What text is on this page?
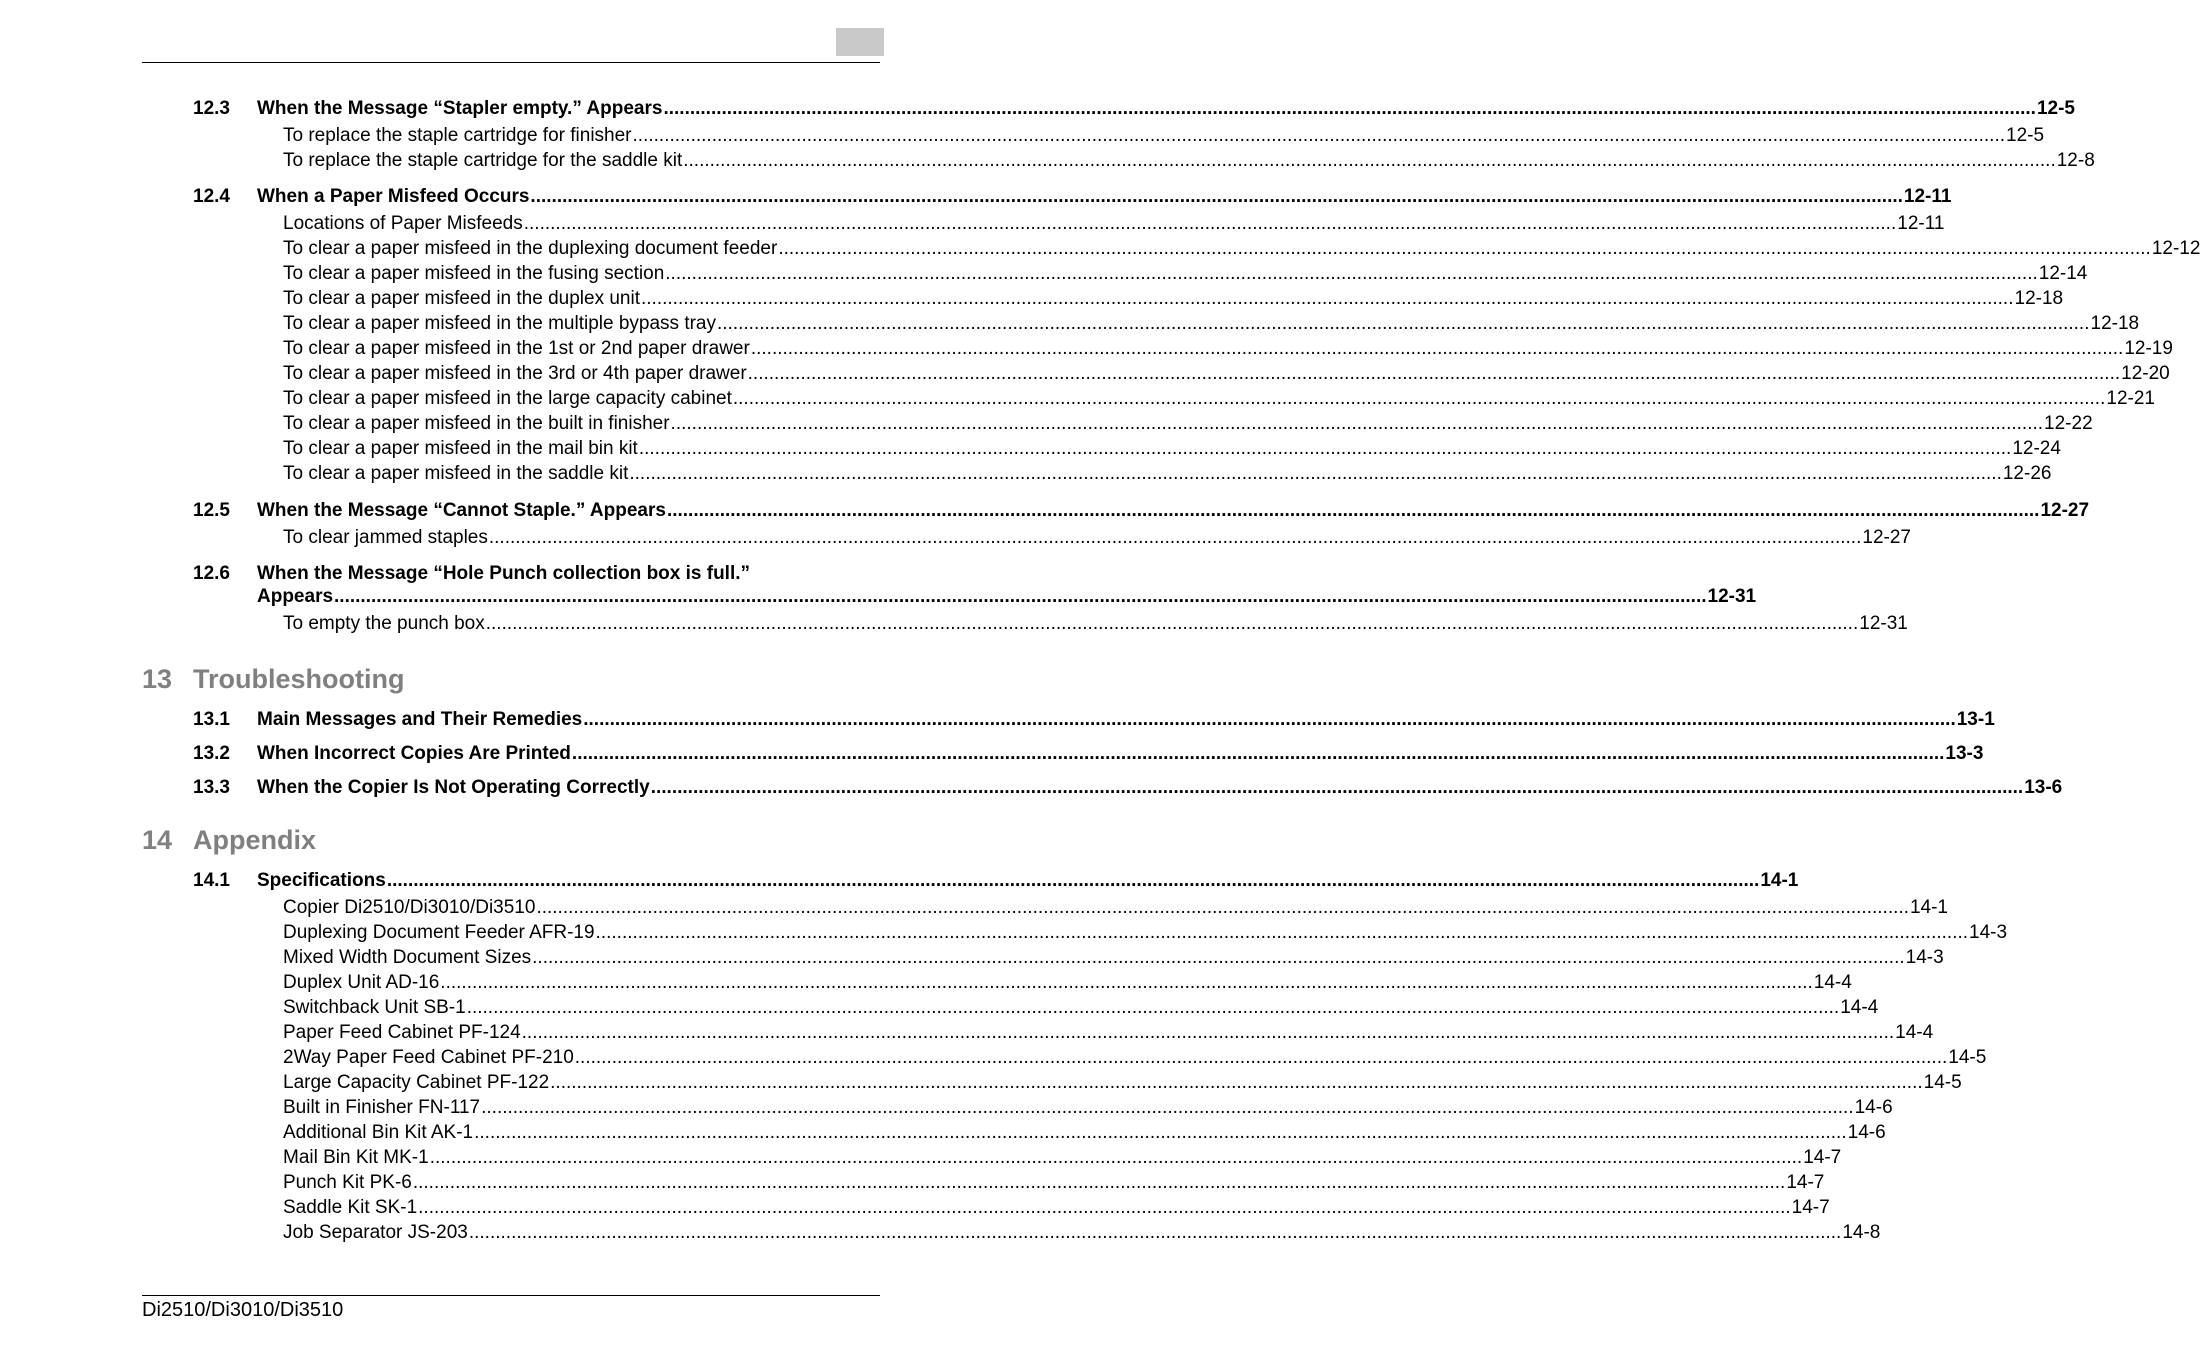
12.3	When the Message “Stapler empty.” Appears .....	12-5
To replace the staple cartridge for finisher .....	12-5
To replace the staple cartridge for the saddle kit .....	12-8
12.4	When a Paper Misfeed Occurs .....	12-11
Locations of Paper Misfeeds .....	12-11
To clear a paper misfeed in the duplexing document feeder .....	12-12
To clear a paper misfeed in the fusing section .....	12-14
To clear a paper misfeed in the duplex unit .....	12-18
To clear a paper misfeed in the multiple bypass tray .....	12-18
To clear a paper misfeed in the 1st or 2nd paper drawer .....	12-19
To clear a paper misfeed in the 3rd or 4th paper drawer .....	12-20
To clear a paper misfeed in the large capacity cabinet .....	12-21
To clear a paper misfeed in the built in finisher .....	12-22
To clear a paper misfeed in the mail bin kit .....	12-24
To clear a paper misfeed in the saddle kit .....	12-26
12.5	When the Message “Cannot Staple.” Appears .....	12-27
To clear jammed staples .....	12-27
12.6 When the Message “Hole Punch collection box is full.”
Appears .....	12-31
To empty the punch box .....	12-31
13 Troubleshooting
13.1	Main Messages and Their Remedies .....	13-1
13.2	When Incorrect Copies Are Printed .....	13-3
13.3	When the Copier Is Not Operating Correctly .....	13-6
14 Appendix
14.1	Specifications .....	14-1
Copier Di2510/Di3010/Di3510 .....	14-1
Duplexing Document Feeder AFR-19 .....	14-3
Mixed Width Document Sizes .....	14-3
Duplex Unit AD-16 .....	14-4
Switchback Unit SB-1 .....	14-4
Paper Feed Cabinet PF-124 .....	14-4
2Way Paper Feed Cabinet PF-210 .....	14-5
Large Capacity Cabinet PF-122 .....	14-5
Built in Finisher FN-117 .....	14-6
Additional Bin Kit AK-1 .....	14-6
Mail Bin Kit MK-1 .....	14-7
Punch Kit PK-6 .....	14-7
Saddle Kit SK-1 .....	14-7
Job Separator JS-203 .....	14-8
Di2510/Di3010/Di3510
